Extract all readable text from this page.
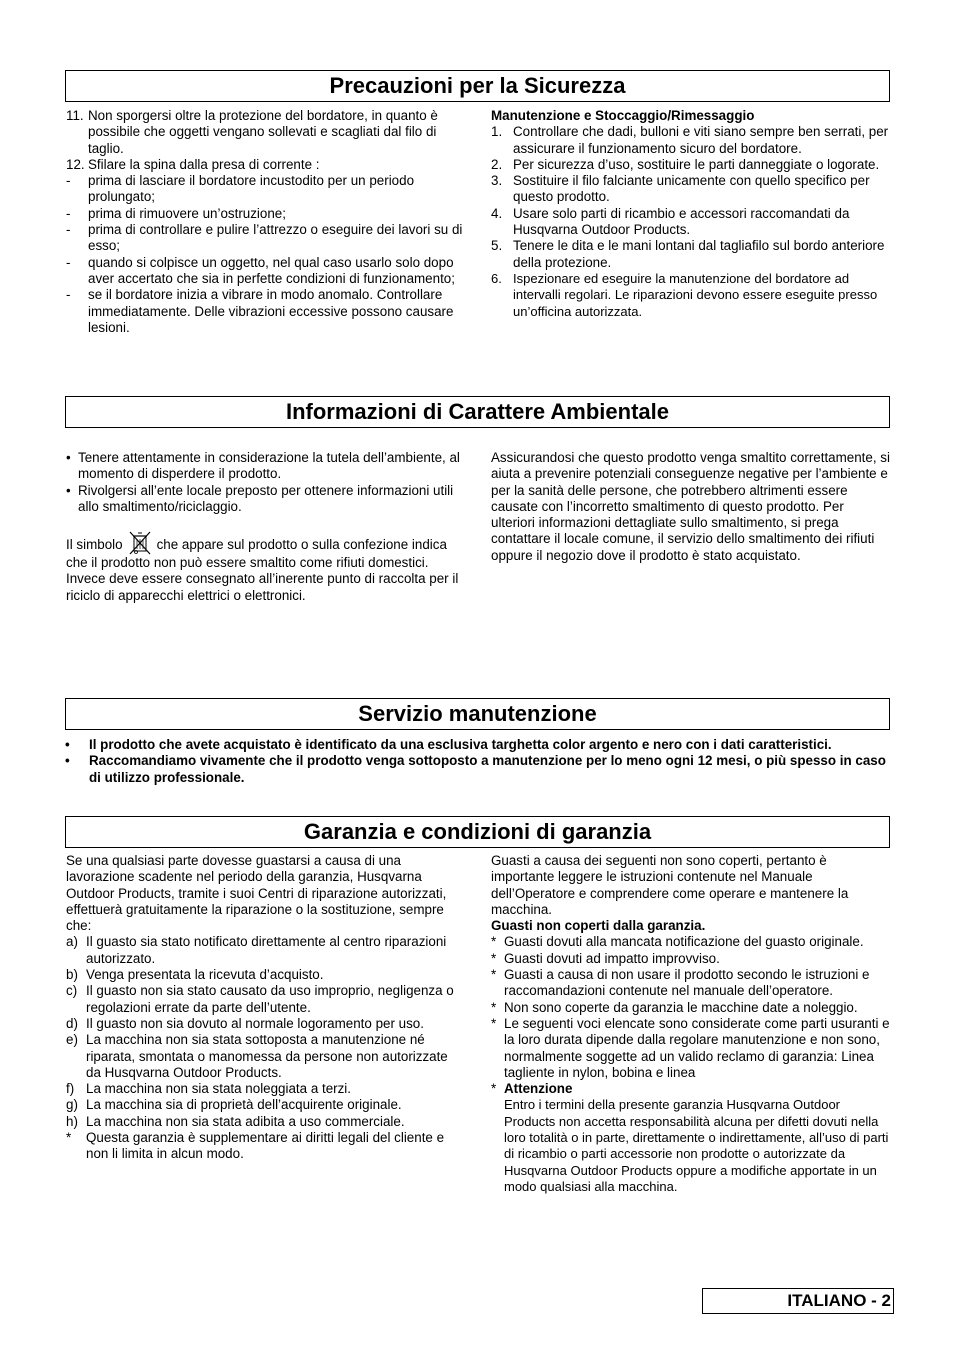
Precauzioni per la Sicurezza
11. Non sporgersi oltre la protezione del bordatore, in quanto è possibile che oggetti vengano sollevati e scagliati dal filo di taglio.
12. Sfilare la spina dalla presa di corrente :
- prima di lasciare il bordatore incustodito per un periodo prolungato;
- prima di rimuovere un’ostruzione;
- prima di controllare e pulire l’attrezzo o eseguire dei lavori su di esso;
- quando si colpisce un oggetto, nel qual caso usarlo solo dopo aver accertato che sia in perfette condizioni di funzionamento;
- se il bordatore inizia a vibrare in modo anomalo. Controllare immediatamente. Delle vibrazioni eccessive possono causare lesioni.

Manutenzione e Stoccaggio/Rimessaggio

1. Controllare che dadi, bulloni e viti siano sempre ben serrati, per assicurare il funzionamento sicuro del bordatore.
2. Per sicurezza d’uso, sostituire le parti danneggiate o logorate.
3. Sostituire il filo falciante unicamente con quello specifico per questo prodotto.
4. Usare solo parti di ricambio e accessori raccomandati da Husqvarna Outdoor Products.
5. Tenere le dita e le mani lontani dal tagliafilo sul bordo anteriore della protezione.
6. Ispezionare ed eseguire la manutenzione del bordatore ad intervalli regolari. Le riparazioni devono essere eseguite presso un’officina autorizzata.
Informazioni di Carattere Ambientale
• Tenere attentamente in considerazione la tutela dell’ambiente, al momento di disperdere il prodotto.
• Rivolgersi all’ente locale preposto per ottenere informazioni utili allo smaltimento/riciclaggio.

Il simbolo	che appare sul prodotto o sulla confezione indica che il prodotto non può essere smaltito come rifiuti domestici. Invece deve essere consegnato all’inerente punto di raccolta per il riciclo di apparecchi elettrici o elettronici.

Assicurandosi che questo prodotto venga smaltito correttamente, si aiuta a prevenire potenziali conseguenze negative per l’ambiente e per la sanità delle persone, che potrebbero altrimenti essere causate con l’incorretto smaltimento di questo prodotto. Per ulteriori informazioni dettagliate sullo smaltimento, si prega contattare il locale comune, il servizio dello smaltimento dei rifiuti oppure il negozio dove il prodotto è stato acquistato.

Servizio manutenzione
• Il prodotto che avete acquistato è identificato da una esclusiva targhetta color argento e nero con i dati caratteristici.
• Raccomandiamo vivamente che il prodotto venga sottoposto a manutenzione per lo meno ogni 12 mesi, o più spesso in caso di utilizzo professionale.
Garanzia e condizioni di garanzia

Se una qualsiasi parte dovesse guastarsi a causa di una lavorazione scadente nel periodo della garanzia, Husqvarna Outdoor Products, tramite i suoi Centri di riparazione autorizzati, effettuerà gratuitamente la riparazione o la sostituzione, sempre che:

a) Il guasto sia stato notificato direttamente al centro riparazioni autorizzato.
b) Venga presentata la ricevuta d’acquisto.
c) Il guasto non sia stato causato da uso improprio, negligenza o regolazioni errate da parte dell’utente.
d) Il guasto non sia dovuto al normale logoramento per uso.
e) La macchina non sia stata sottoposta a manutenzione né riparata, smontata o manomessa da persone non autorizzate da Husqvarna Outdoor Products.
f) La macchina non sia stata noleggiata a terzi.
g) La macchina sia di proprietà dell’acquirente originale.
h) La macchina non sia stata adibita a uso commerciale.
* Questa garanzia è supplementare ai diritti legali del cliente e non li limita in alcun modo.

Guasti a causa dei seguenti non sono coperti, pertanto è importante leggere le istruzioni contenute nel Manuale dell’Operatore e comprendere come operare e mantenere la macchina.

Guasti non coperti dalla garanzia.

* Guasti dovuti alla mancata notificazione del guasto originale.
* Guasti dovuti ad impatto improvviso.
* Guasti a causa di non usare il prodotto secondo le istruzioni e raccomandazioni contenute nel manuale dell’operatore.
* Non sono coperte da garanzia le macchine date a noleggio.
* Le seguenti voci elencate sono considerate come parti usuranti e la loro durata dipende dalla regolare manutenzione e non sono, normalmente soggette ad un valido reclamo di garanzia: Linea tagliente in nylon, bobina e linea
* Attenzione

Entro i termini della presente garanzia Husqvarna Outdoor Products non accetta responsabilità alcuna per difetti dovuti nella loro totalità o in parte, direttamente o indirettamente, all’uso di parti di ricambio o parti accessorie non prodotte o autorizzate da Husqvarna Outdoor Products oppure a modifiche apportate in un modo qualsiasi alla macchina.

ITALIANO - 2
